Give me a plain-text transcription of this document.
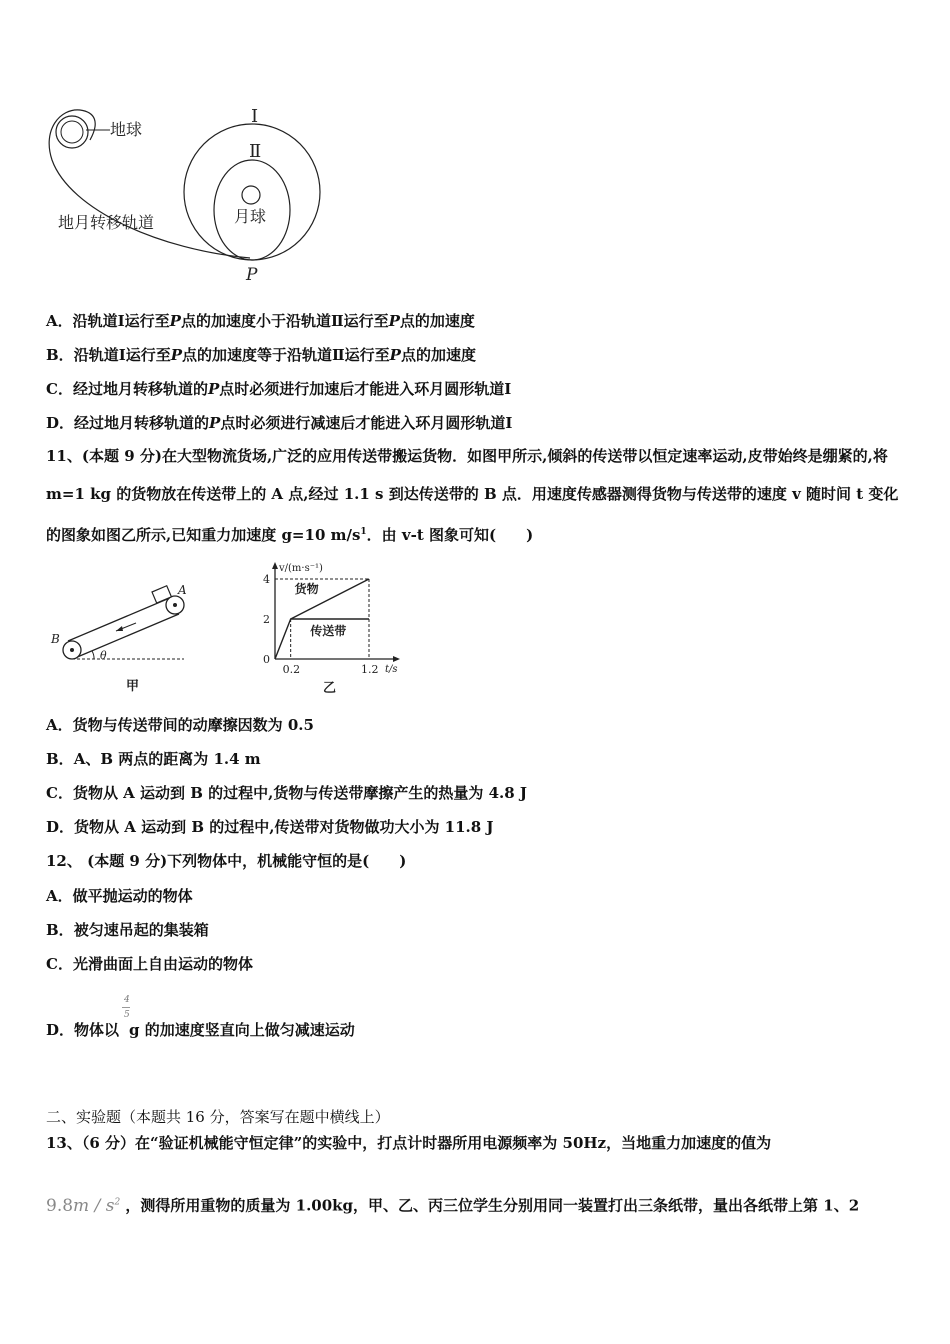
地球
地月转移轨道
Ⅰ
Ⅱ
月球
P
A．沿轨道Ⅰ运行至P点的加速度小于沿轨道Ⅱ运行至P点的加速度
B．沿轨道Ⅰ运行至P点的加速度等于沿轨道Ⅱ运行至P点的加速度
C．经过地月转移轨道的P点时必须进行加速后才能进入环月圆形轨道Ⅰ
D．经过地月转移轨道的P点时必须进行减速后才能进入环月圆形轨道Ⅰ
11、(本题 9 分)在大型物流货场,广泛的应用传送带搬运货物．如图甲所示,倾斜的传送带以恒定速率运动,皮带始终是绷紧的,将 m=1 kg 的货物放在传送带上的 A 点,经过 1.1 s 到达传送带的 B 点．用速度传感器测得货物与传送带的速度 v 随时间 t 变化的图象如图乙所示,已知重力加速度 g=10 $m/s^1$．由 v-t 图象可知(　　)
θ
A
B
甲
v/(m·s⁻¹)
t/s
货物
传送带
4
2
0
0.2	1.2
乙
A．货物与传送带间的动摩擦因数为 0.5
B．A、B 两点的距离为 1.4 m
C．货物从 A 运动到 B 的过程中,货物与传送带摩擦产生的热量为 4.8 J
D．货物从 A 运动到 B 的过程中,传送带对货物做功大小为 11.8 J
12、 (本题 9 分)下列物体中，机械能守恒的是(　　)
A．做平抛运动的物体
B．被匀速吊起的集装箱
C．光滑曲面上自由运动的物体
4
5
D．物体以 g 的加速度竖直向上做匀减速运动
二、实验题（本题共 16 分，答案写在题中横线上）
13、（6 分）在“验证机械能守恒定律”的实验中，打点计时器所用电源频率为 50Hz，当地重力加速度的值为
$9.8m / s^2$ ，测得所用重物的质量为 1.00kg，甲、乙、丙三位学生分别用同一装置打出三条纸带，量出各纸带上第 1、2
